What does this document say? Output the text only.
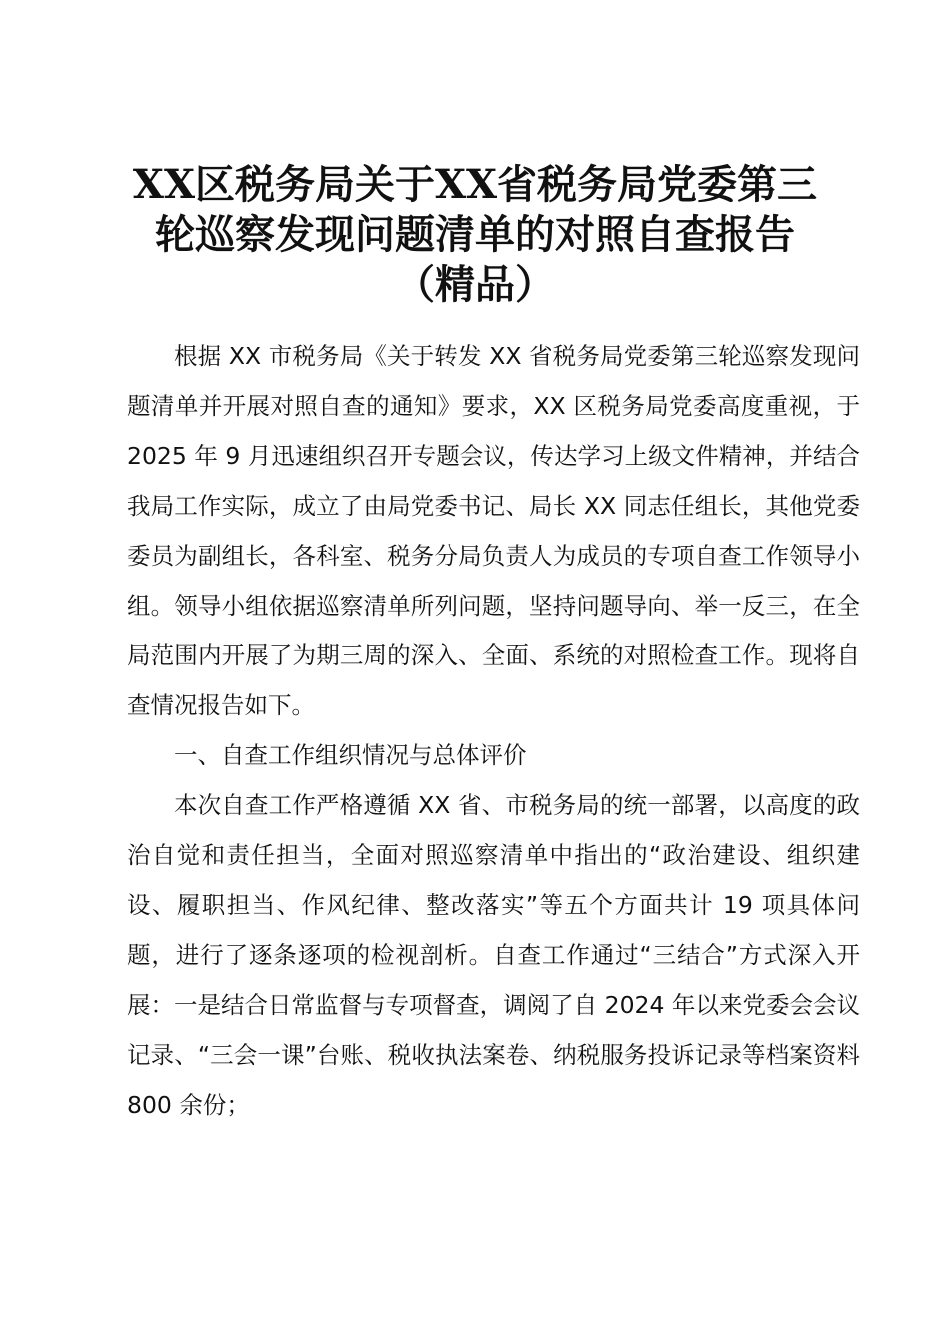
XX区税务局关于XX省税务局党委第三
轮巡察发现问题清单的对照自查报告
（精品）

根据 XX 市税务局《关于转发 XX 省税务局党委第三轮巡察发现问题清单并开展对照自查的通知》要求，XX 区税务局党委高度重视，于 2025 年 9 月迅速组织召开专题会议，传达学习上级文件精神，并结合我局工作实际，成立了由局党委书记、局长 XX 同志任组长，其他党委委员为副组长，各科室、税务分局负责人为成员的专项自查工作领导小组。领导小组依据巡察清单所列问题，坚持问题导向、举一反三，在全局范围内开展了为期三周的深入、全面、系统的对照检查工作。现将自查情况报告如下。

一、自查工作组织情况与总体评价

本次自查工作严格遵循 XX 省、市税务局的统一部署，以高度的政治自觉和责任担当，全面对照巡察清单中指出的“政治建设、组织建设、履职担当、作风纪律、整改落实”等五个方面共计 19 项具体问题，进行了逐条逐项的检视剖析。自查工作通过“三结合”方式深入开展：一是结合日常监督与专项督查，调阅了自 2024 年以来党委会会议记录、“三会一课”台账、税收执法案卷、纳税服务投诉记录等档案资料 800 余份；
